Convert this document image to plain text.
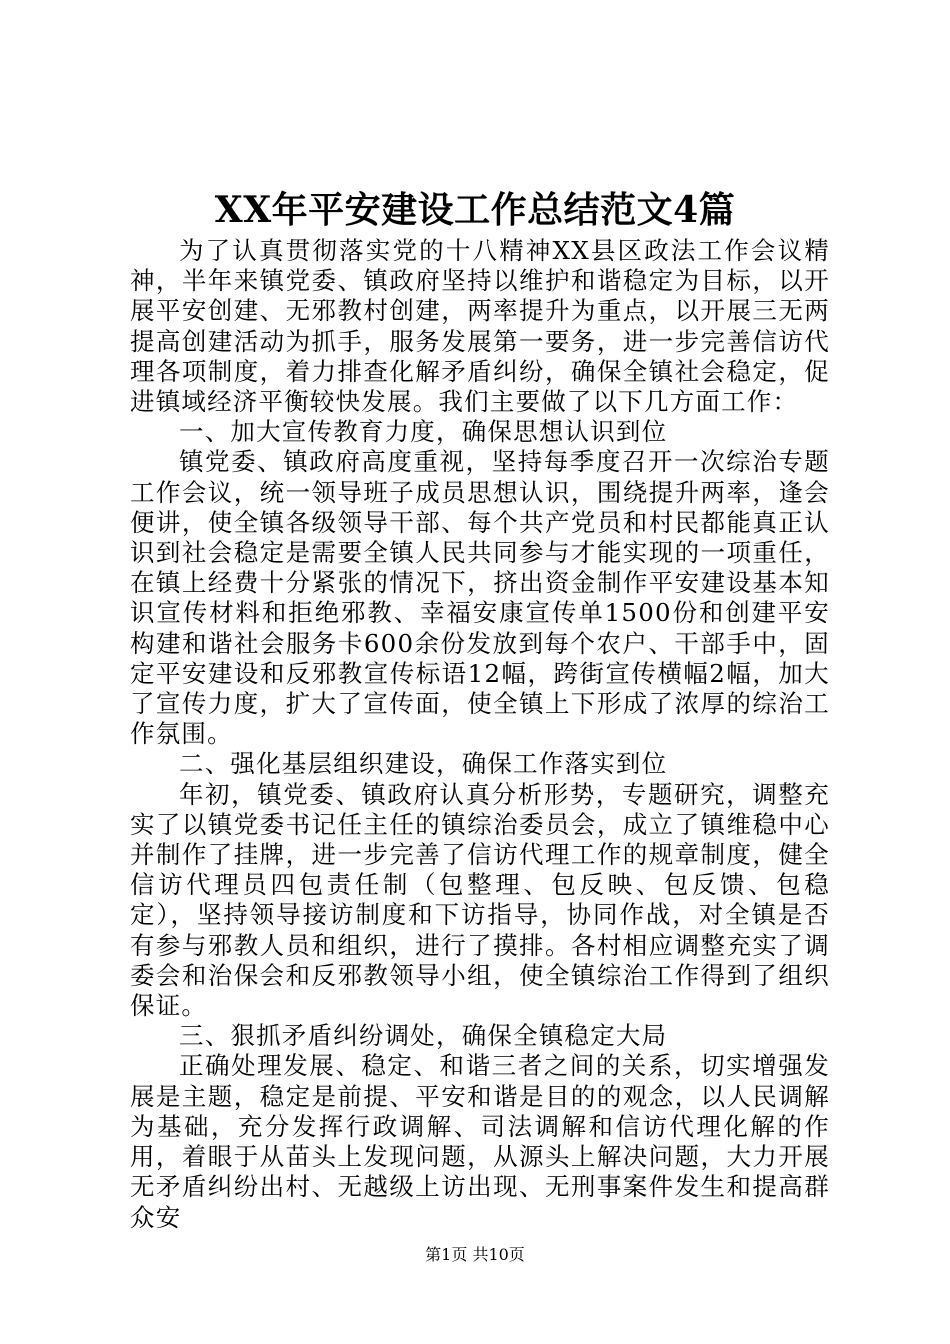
XX年平安建设工作总结范文4篇

为了认真贯彻落实党的十八精神XX县区政法工作会议精神，半年来镇党委、镇政府坚持以维护和谐稳定为目标，以开展平安创建、无邪教村创建，两率提升为重点，以开展三无两提高创建活动为抓手，服务发展第一要务，进一步完善信访代理各项制度，着力排查化解矛盾纠纷，确保全镇社会稳定，促进镇域经济平衡较快发展。我们主要做了以下几方面工作：

一、加大宣传教育力度，确保思想认识到位

镇党委、镇政府高度重视，坚持每季度召开一次综治专题工作会议，统一领导班子成员思想认识，围绕提升两率，逢会便讲，使全镇各级领导干部、每个共产党员和村民都能真正认识到社会稳定是需要全镇人民共同参与才能实现的一项重任，在镇上经费十分紧张的情况下，挤出资金制作平安建设基本知识宣传材料和拒绝邪教、幸福安康宣传单1500份和创建平安构建和谐社会服务卡600余份发放到每个农户、干部手中，固定平安建设和反邪教宣传标语12幅，跨街宣传横幅2幅，加大了宣传力度，扩大了宣传面，使全镇上下形成了浓厚的综治工作氛围。

二、强化基层组织建设，确保工作落实到位

年初，镇党委、镇政府认真分析形势，专题研究，调整充实了以镇党委书记任主任的镇综治委员会，成立了镇维稳中心并制作了挂牌，进一步完善了信访代理工作的规章制度，健全信访代理员四包责任制（包整理、包反映、包反馈、包稳定），坚持领导接访制度和下访指导，协同作战，对全镇是否有参与邪教人员和组织，进行了摸排。各村相应调整充实了调委会和治保会和反邪教领导小组，使全镇综治工作得到了组织保证。

三、狠抓矛盾纠纷调处，确保全镇稳定大局

正确处理发展、稳定、和谐三者之间的关系，切实增强发展是主题，稳定是前提、平安和谐是目的的观念，以人民调解为基础，充分发挥行政调解、司法调解和信访代理化解的作用，着眼于从苗头上发现问题，从源头上解决问题，大力开展无矛盾纠纷出村、无越级上访出现、无刑事案件发生和提高群众安

第1页 共10页
